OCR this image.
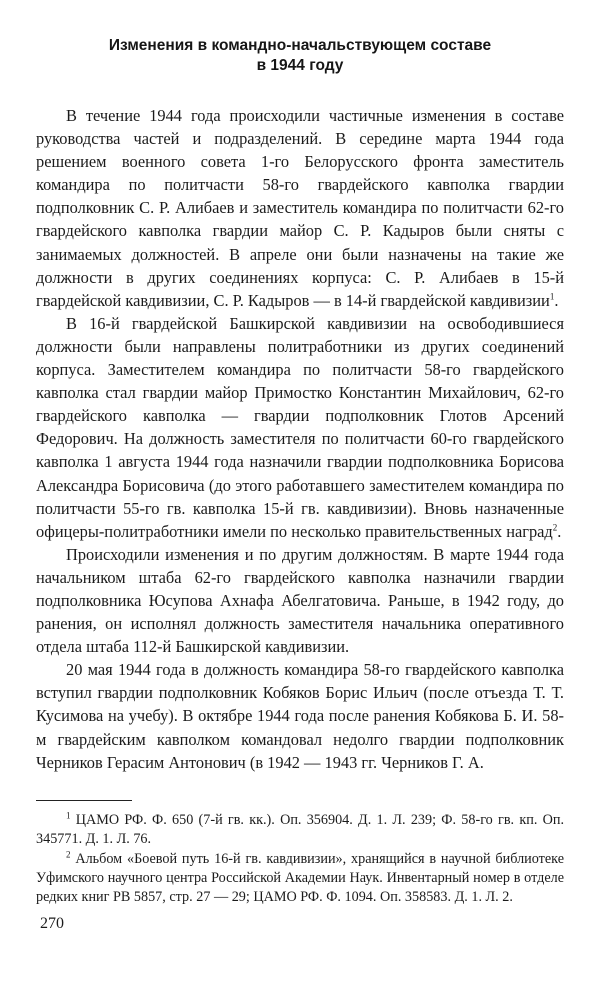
Изменения в командно-начальствующем составе
в 1944 году

В течение 1944 года происходили частичные изменения в составе руководства частей и подразделений. В середине марта 1944 года решением военного совета 1-го Белорусского фронта заместитель командира по политчасти 58-го гвардейского кавполка гвардии подполковник С. Р. Алибаев и заместитель командира по политчасти 62-го гвардейского кавполка гвардии майор С. Р. Кадыров были сняты с занимаемых должностей. В апреле они были назначены на такие же должности в других соединениях корпуса: С. Р. Алибаев в 15-й гвардейской кавдивизии, С. Р. Кадыров — в 14-й гвардейской кавдивизии$^1$.

В 16-й гвардейской Башкирской кавдивизии на освободившиеся должности были направлены политработники из других соединений корпуса. Заместителем командира по политчасти 58-го гвардейского кавполка стал гвардии майор Примостко Константин Михайлович, 62-го гвардейского кавполка — гвардии подполковник Глотов Арсений Федорович. На должность заместителя по политчасти 60-го гвардейского кавполка 1 августа 1944 года назначили гвардии подполковника Борисова Александра Борисовича (до этого работавшего заместителем командира по политчасти 55-го гв. кавполка 15-й гв. кавдивизии). Вновь назначенные офицеры-политработники имели по несколько правительственных наград$^2$.

Происходили изменения и по другим должностям. В марте 1944 года начальником штаба 62-го гвардейского кавполка назначили гвардии подполковника Юсупова Ахнафа Абелгатовича. Раньше, в 1942 году, до ранения, он исполнял должность заместителя начальника оперативного отдела штаба 112-й Башкирской кавдивизии.

20 мая 1944 года в должность командира 58-го гвардейского кавполка вступил гвардии подполковник Кобяков Борис Ильич (после отъезда Т. Т. Кусимова на учебу). В октябре 1944 года после ранения Кобякова Б. И. 58-м гвардейским кавполком командовал недолго гвардии подполковник Черников Герасим Антонович (в 1942 — 1943 гг. Черников Г. А.

$^1$ ЦАМО РФ. Ф. 650 (7-й гв. кк.). Оп. 356904. Д. 1. Л. 239; Ф. 58-го гв. кп. Оп. 345771. Д. 1. Л. 76.

$^2$ Альбом «Боевой путь 16-й гв. кавдивизии», хранящийся в научной библиотеке Уфимского научного центра Российской Академии Наук. Инвентарный номер в отделе редких книг РВ 5857, стр. 27 — 29; ЦАМО РФ. Ф. 1094. Оп. 358583. Д. 1. Л. 2.

270
